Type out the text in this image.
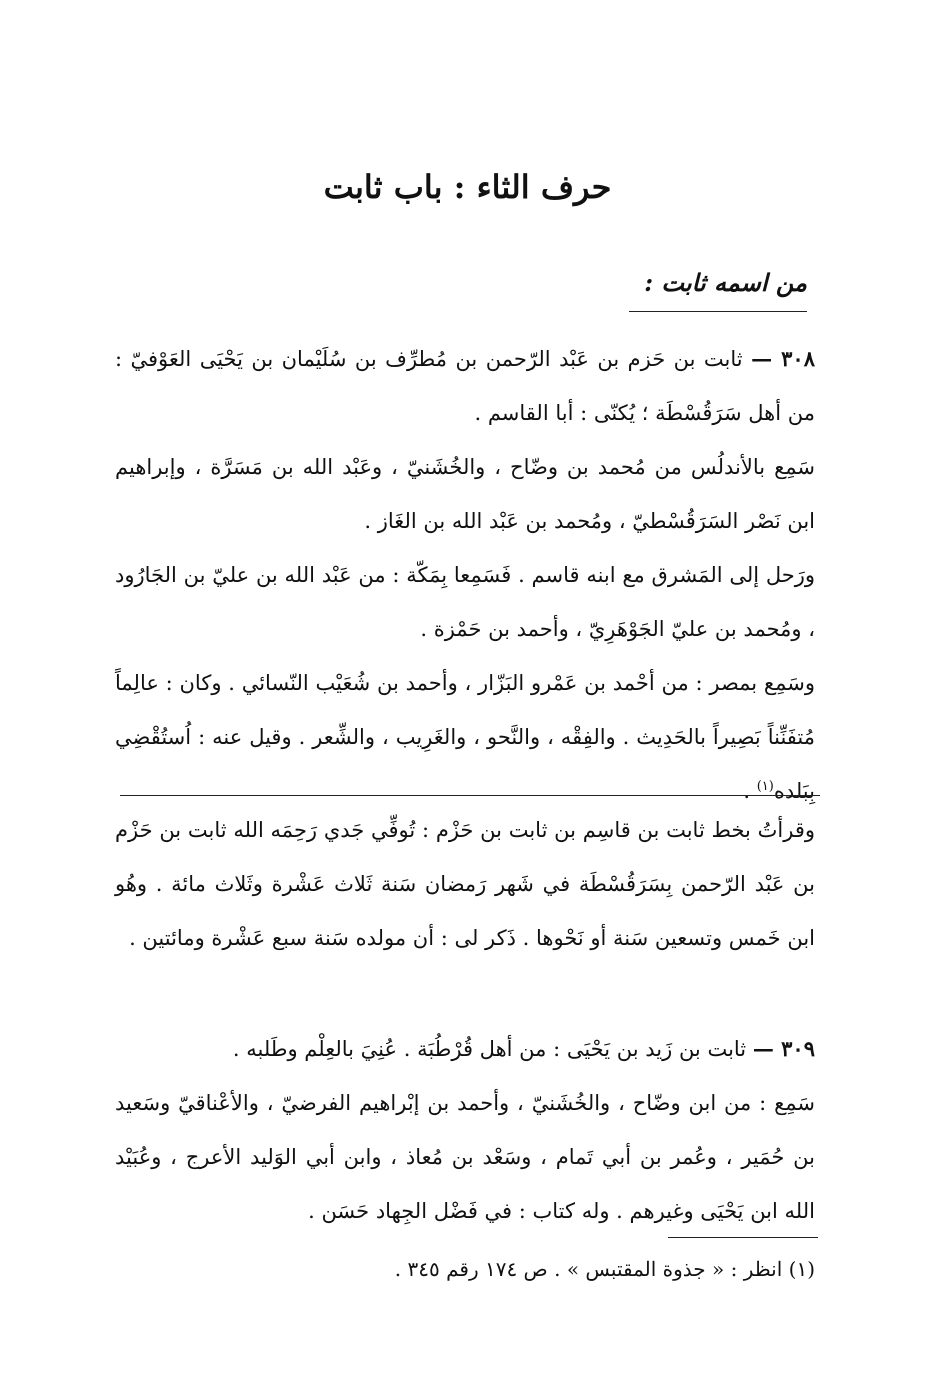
حرف الثاء : باب ثابت
من اسمه ثابت :

٣٠٨ — ثابت بن حَزم بن عَبْد الرّحمن بن مُطرِّف بن سُلَيْمان بن يَحْيَى العَوْفيّ : من أهل سَرَقُسْطَة ؛ يُكنّى : أبا القاسم .

سَمِع بالأندلُس من مُحمد بن وضّاح ، والخُشَنيّ ، وعَبْد الله بن مَسَرَّة ، وإبراهيم ابن نَصْر السَرَقُسْطيّ ، ومُحمد بن عَبْد الله بن الغَاز .

ورَحل إلى المَشرق مع ابنه قاسم . فَسَمِعا بِمَكّة : من عَبْد الله بن عليّ بن الجَارُود ، ومُحمد بن عليّ الجَوْهَرِيّ ، وأحمد بن حَمْزة .

وسَمِع بمصر : من أحْمد بن عَمْرو البَزّار ، وأحمد بن شُعَيْب النّسائي . وكان : عالِماً مُتفَنِّناً بَصِيراً بالحَدِيث . والفِقْه ، والنَّحو ، والغَرِيب ، والشِّعر . وقيل عنه : اُستُقْضِي بِبَلده$^{(١)}$ .

وقرأتُ بخط ثابت بن قاسِم بن ثابت بن حَزْم : تُوفِّي جَدي رَحِمَه الله ثابت بن حَزْم بن عَبْد الرّحمن بِسَرَقُسْطَة في شَهر رَمضان سَنة ثَلاث عَشْرة وثَلاث مائة . وهُو ابن خَمس وتسعين سَنة أو نَحْوها . ذَكر لى : أن مولده سَنة سبع عَشْرة ومائتين .

٣٠٩ — ثابت بن زَيد بن يَحْيَى : من أهل قُرْطُبَة . عُنِيَ بالعِلْم وطَلبه .

سَمِع : من ابن وضّاح ، والخُشَنيّ ، وأحمد بن إبْراهيم الفرضيّ ، والأعْناقيّ وسَعيد بن حُمَير ، وعُمر بن أبي تَمام ، وسَعْد بن مُعاذ ، وابن أبي الوَليد الأعرج ، وعُبَيْد الله ابن يَحْيَى وغيرهم . وله كتاب : في فَضْل الجِهاد حَسَن .

(١) انظر : « جذوة المقتبس » . ص ١٧٤ رقم ٣٤٥ .
